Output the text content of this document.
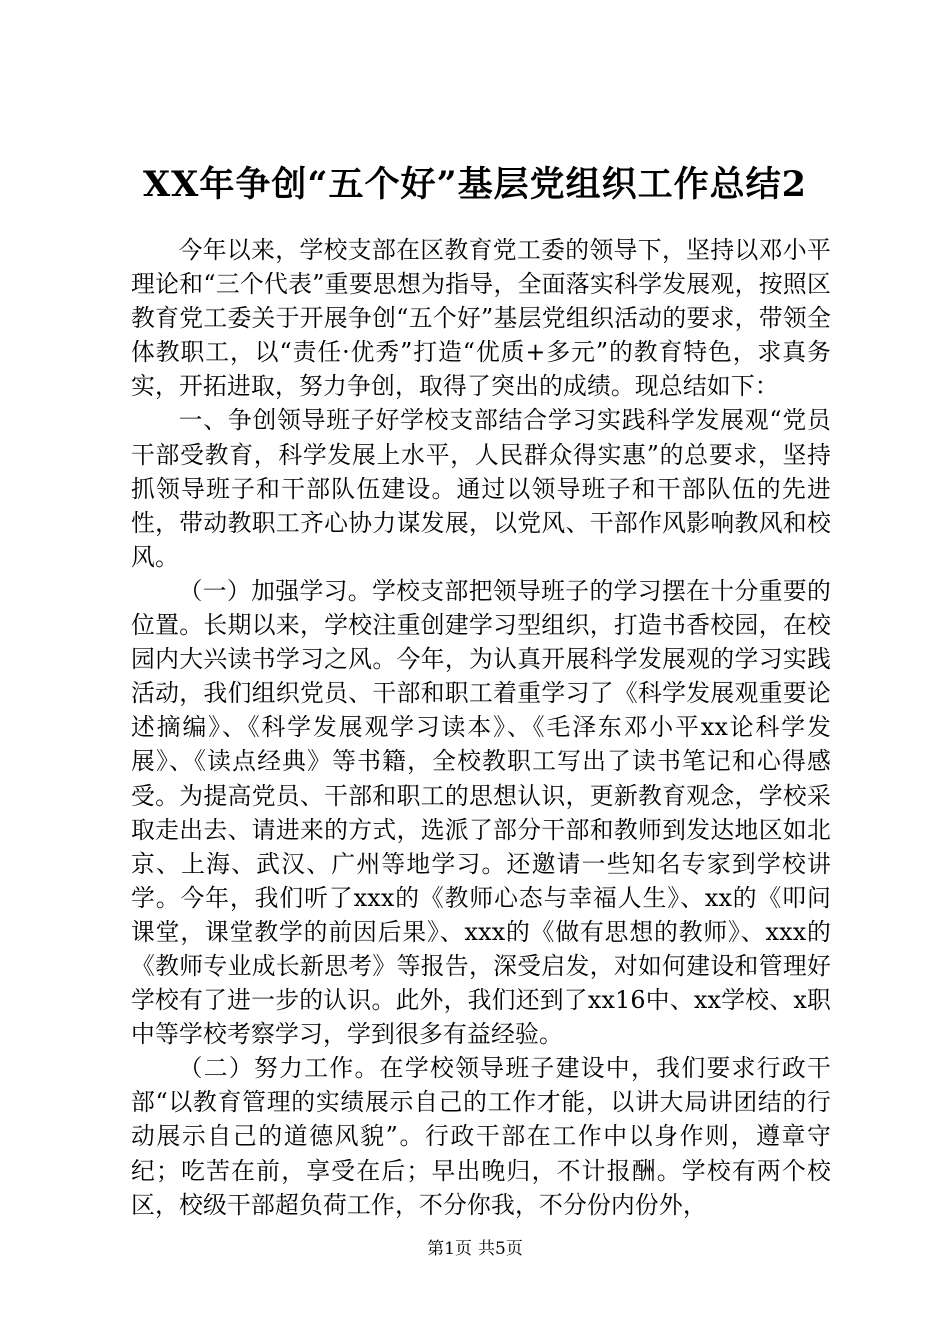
XX年争创“五个好”基层党组织工作总结2

今年以来，学校支部在区教育党工委的领导下，坚持以邓小平理论和“三个代表”重要思想为指导，全面落实科学发展观，按照区教育党工委关于开展争创“五个好”基层党组织活动的要求，带领全体教职工，以“责任·优秀”打造“优质+多元”的教育特色，求真务实，开拓进取，努力争创，取得了突出的成绩。现总结如下：

一、争创领导班子好学校支部结合学习实践科学发展观“党员干部受教育，科学发展上水平，人民群众得实惠”的总要求，坚持抓领导班子和干部队伍建设。通过以领导班子和干部队伍的先进性，带动教职工齐心协力谋发展，以党风、干部作风影响教风和校风。

（一）加强学习。学校支部把领导班子的学习摆在十分重要的位置。长期以来，学校注重创建学习型组织，打造书香校园，在校园内大兴读书学习之风。今年，为认真开展科学发展观的学习实践活动，我们组织党员、干部和职工着重学习了《科学发展观重要论述摘编》、《科学发展观学习读本》、《毛泽东邓小平xx论科学发展》、《读点经典》等书籍，全校教职工写出了读书笔记和心得感受。为提高党员、干部和职工的思想认识，更新教育观念，学校采取走出去、请进来的方式，选派了部分干部和教师到发达地区如北京、上海、武汉、广州等地学习。还邀请一些知名专家到学校讲学。今年，我们听了xxx的《教师心态与幸福人生》、xx的《叩问课堂，课堂教学的前因后果》、xxx的《做有思想的教师》、xxx的《教师专业成长新思考》等报告，深受启发，对如何建设和管理好学校有了进一步的认识。此外，我们还到了xx16中、xx学校、x职中等学校考察学习，学到很多有益经验。

（二）努力工作。在学校领导班子建设中，我们要求行政干部“以教育管理的实绩展示自己的工作才能，以讲大局讲团结的行动展示自己的道德风貌”。行政干部在工作中以身作则，遵章守纪；吃苦在前，享受在后；早出晚归，不计报酬。学校有两个校区，校级干部超负荷工作，不分你我，不分份内份外，

第1页 共5页
